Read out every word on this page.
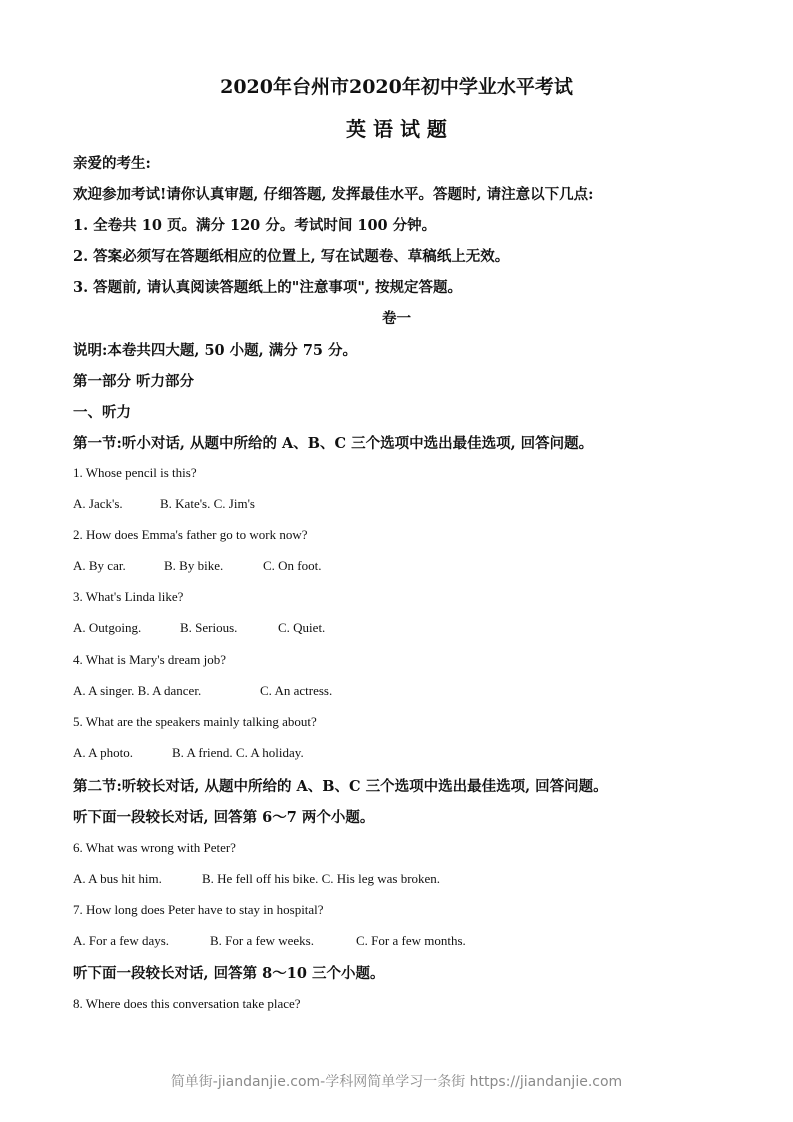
2020年台州市2020年初中学业水平考试
英 语 试 题
亲爱的考生:
欢迎参加考试!请你认真审题, 仔细答题, 发挥最佳水平。答题时, 请注意以下几点:
1. 全卷共 10 页。满分 120 分。考试时间 100 分钟。
2. 答案必须写在答题纸相应的位置上, 写在试题卷、草稿纸上无效。
3. 答题前, 请认真阅读答题纸上的"注意事项", 按规定答题。
卷一
说明:本卷共四大题, 50 小题, 满分 75 分。
第一部分 听力部分
一、听力
第一节:听小对话, 从题中所给的 A、B、C 三个选项中选出最佳选项, 回答问题。
1. Whose pencil is this?
A. Jack's.	B. Kate's. C. Jim's
2. How does Emma's father go to work now?
A. By car.	B. By bike.	C. On foot.
3. What's Linda like?
A. Outgoing.	B. Serious.	C. Quiet.
4. What is Mary's dream job?
A. A singer. B. A dancer.	C. An actress.
5. What are the speakers mainly talking about?
A. A photo.	B. A friend. C. A holiday.
第二节:听较长对话, 从题中所给的 A、B、C 三个选项中选出最佳选项, 回答问题。
听下面一段较长对话, 回答第 6～7 两个小题。
6. What was wrong with Peter?
A. A bus hit him.	B. He fell off his bike. C. His leg was broken.
7. How long does Peter have to stay in hospital?
A. For a few days.	B. For a few weeks.	C. For a few months.
听下面一段较长对话, 回答第 8～10 三个小题。
8. Where does this conversation take place?
简单街-jiandanjie.com-学科网简单学习一条街 https://jiandanjie.com
